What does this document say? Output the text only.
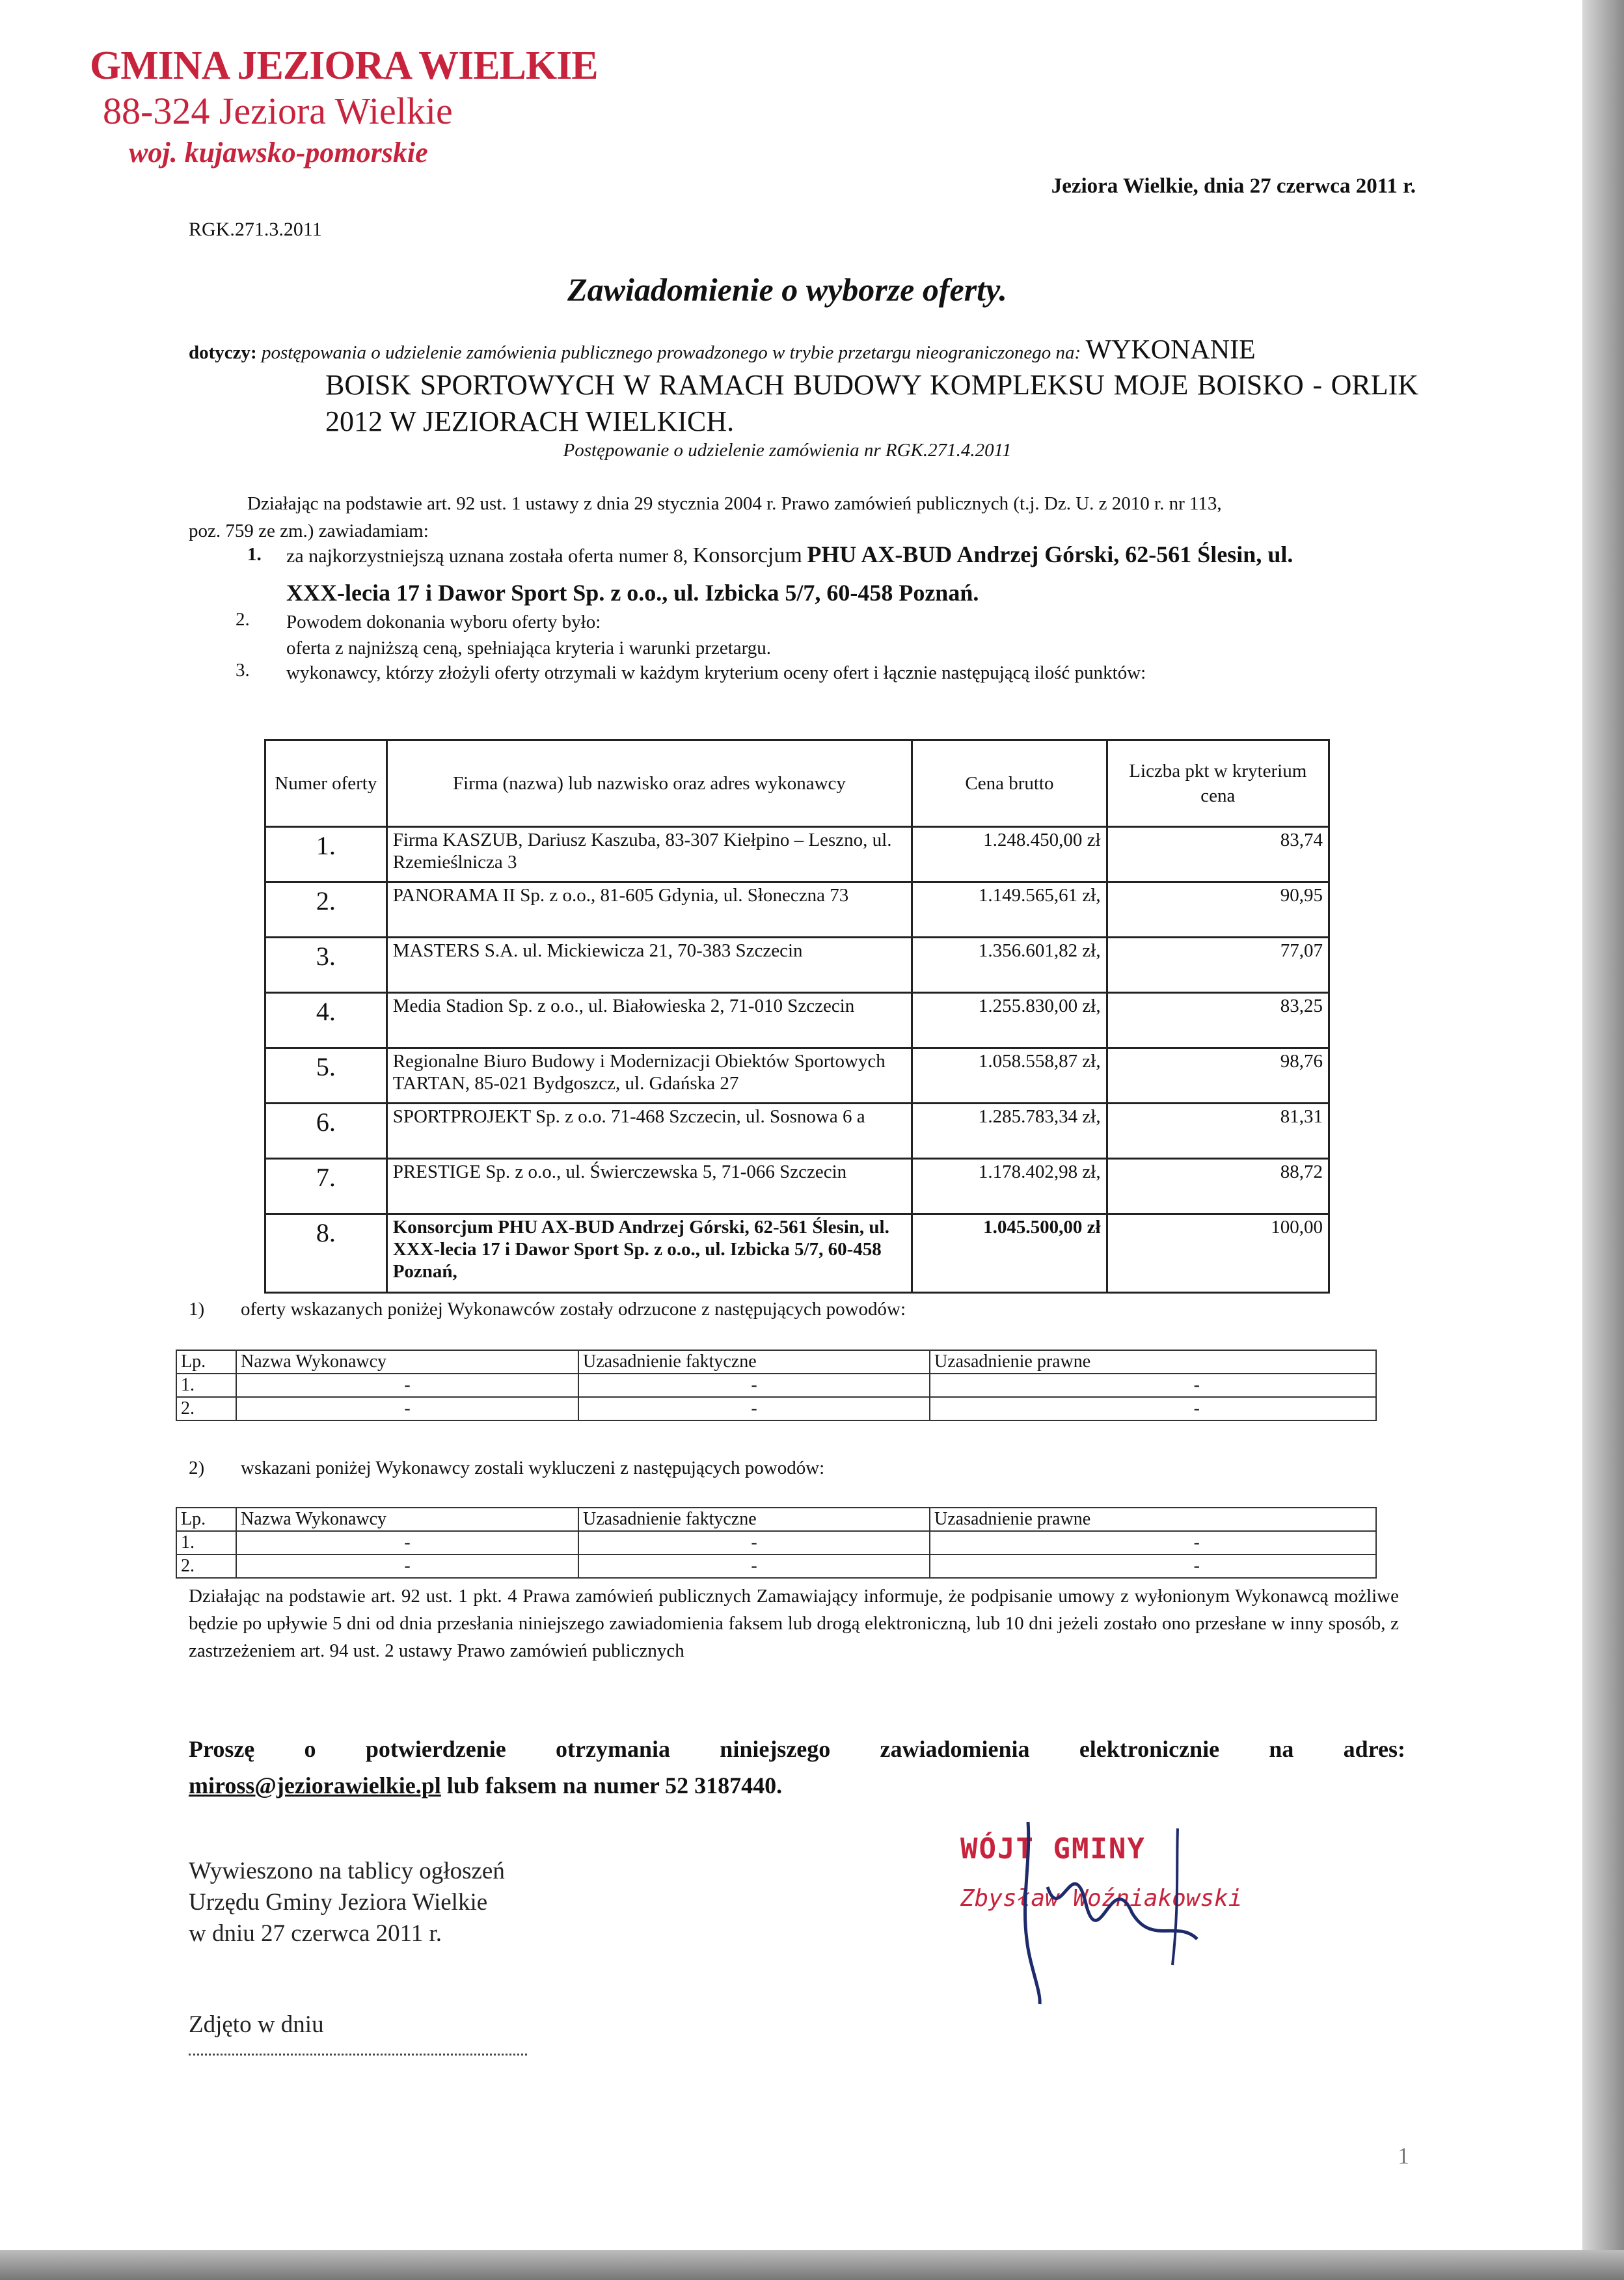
GMINA JEZIORA WIELKIE
88-324 Jeziora Wielkie
woj. kujawsko-pomorskie
Jeziora Wielkie, dnia 27 czerwca 2011 r.
RGK.271.3.2011
Zawiadomienie o wyborze oferty.
dotyczy: postępowania o udzielenie zamówienia publicznego prowadzonego w trybie przetargu nieograniczonego na: WYKONANIE
BOISK SPORTOWYCH W RAMACH BUDOWY KOMPLEKSU MOJE BOISKO - ORLIK 2012 W JEZIORACH WIELKICH.
Postępowanie o udzielenie zamówienia nr RGK.271.4.2011
Działając na podstawie art. 92 ust. 1 ustawy z dnia 29 stycznia 2004 r. Prawo zamówień publicznych (t.j. Dz. U. z 2010 r. nr 113,
poz. 759 ze zm.) zawiadamiam:
1. za najkorzystniejszą uznana została oferta numer 8, Konsorcjum PHU AX-BUD Andrzej Górski, 62-561 Ślesin, ul.
XXX-lecia 17 i Dawor Sport Sp. z o.o., ul. Izbicka 5/7, 60-458 Poznań.
2. Powodem dokonania wyboru oferty było:
oferta z najniższą ceną, spełniająca kryteria i warunki przetargu.
3. wykonawcy, którzy złożyli oferty otrzymali w każdym kryterium oceny ofert i łącznie następującą ilość punktów:
Numer oferty	Firma (nazwa) lub nazwisko oraz adres wykonawcy	Cena brutto	Liczba pkt w kryterium cena
1.	Firma KASZUB, Dariusz Kaszuba, 83-307 Kiełpino – Leszno, ul. Rzemieślnicza 3	1.248.450,00 zł	83,74
2.	PANORAMA II Sp. z o.o., 81-605 Gdynia, ul. Słoneczna 73	1.149.565,61 zł,	90,95
3.	MASTERS S.A. ul. Mickiewicza 21, 70-383 Szczecin	1.356.601,82 zł,	77,07
4.	Media Stadion Sp. z o.o., ul. Białowieska 2, 71-010 Szczecin	1.255.830,00 zł,	83,25
5.	Regionalne Biuro Budowy i Modernizacji Obiektów Sportowych TARTAN, 85-021 Bydgoszcz, ul. Gdańska 27	1.058.558,87 zł,	98,76
6.	SPORTPROJEKT Sp. z o.o. 71-468 Szczecin, ul. Sosnowa 6 a	1.285.783,34 zł,	81,31
7.	PRESTIGE Sp. z o.o., ul. Świerczewska 5, 71-066 Szczecin	1.178.402,98 zł,	88,72
8.	Konsorcjum PHU AX-BUD Andrzej Górski, 62-561 Ślesin, ul. XXX-lecia 17 i Dawor Sport Sp. z o.o., ul. Izbicka 5/7, 60-458 Poznań,	1.045.500,00 zł	100,00
1) oferty wskazanych poniżej Wykonawców zostały odrzucone z następujących powodów:
Lp.	Nazwa Wykonawcy	Uzasadnienie faktyczne	Uzasadnienie prawne
1.	-	-	-
2.	-	-	-
2) wskazani poniżej Wykonawcy zostali wykluczeni z następujących powodów:
Lp.	Nazwa Wykonawcy	Uzasadnienie faktyczne	Uzasadnienie prawne
1.	-	-	-
2.	-	-	-
Działając na podstawie art. 92 ust. 1 pkt. 4 Prawa zamówień publicznych Zamawiający informuje, że podpisanie umowy z wyłonionym Wykonawcą możliwe będzie po upływie 5 dni od dnia przesłania niniejszego zawiadomienia faksem lub drogą elektroniczną, lub 10 dni jeżeli zostało ono przesłane w inny sposób, z zastrzeżeniem art. 94 ust. 2 ustawy Prawo zamówień publicznych
Proszę o potwierdzenie otrzymania niniejszego zawiadomienia elektronicznie na adres:
miross@jeziorawielkie.pl lub faksem na numer 52 3187440.
Wywieszono na tablicy ogłoszeń
Urzędu Gminy Jeziora Wielkie
w dniu 27 czerwca 2011 r.
Zdjęto w dniu
WÓJT GMINY
Zbysław Woźniakowski
1
